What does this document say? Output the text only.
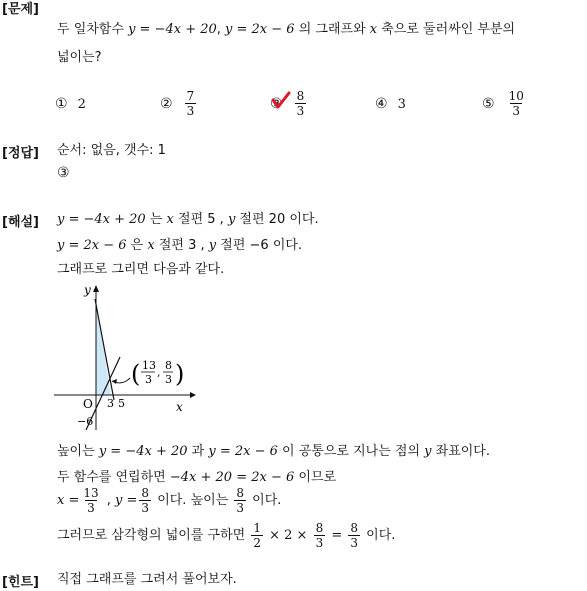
[문제]
두 일차함수 y = −4x + 20, y = 2x − 6 의 그래프와 x 축으로 둘러싸인 부분의
넓이는?
① 2	② $\frac{7}{3}$	③ $\frac{8}{3}$	④ 3	⑤ $\frac{10}{3}$
[정답] 순서: 없음, 갯수: 1
③
[해설] y = −4x + 20 는 x 절편 5 , y 절편 20 이다.
y = 2x − 6 은 x 절편 3 , y 절편 −6 이다.
그래프로 그리면 다음과 같다.
y
x
O 3 5
−6
( 13
3
,
8
3 )
높이는 y = −4x + 20 과 y = 2x − 6 이 공통으로 지나는 점의 y 좌표이다.
두 함수를 연립하면 −4x + 20 = 2x − 6 이므로
$x = \frac{13}{3}$ , $y = \frac{8}{3}$ 이다. 높이는 $\frac{8}{3}$ 이다.
그러므로 삼각형의 넓이를 구하면 $\frac{1}{2} \times 2 \times \frac{8}{3} = \frac{8}{3}$ 이다.
[힌트] 직접 그래프를 그려서 풀어보자.
